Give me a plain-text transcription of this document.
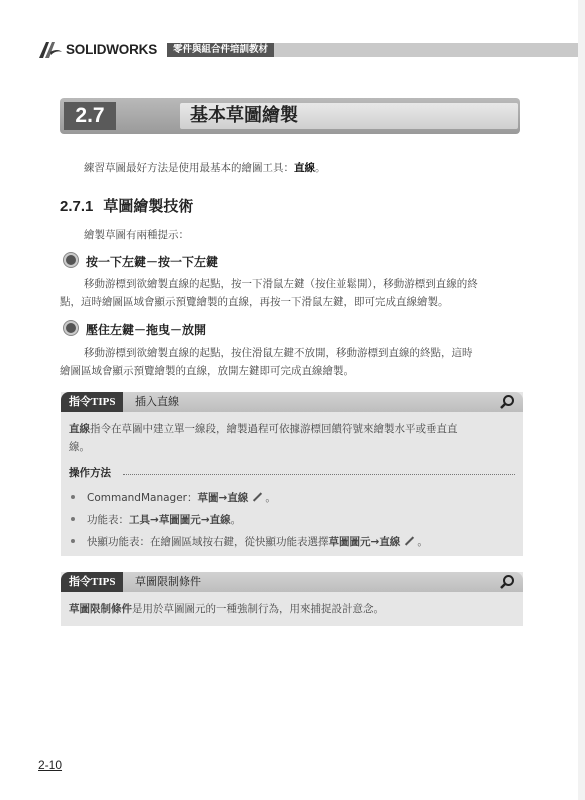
SOLIDWORKS	零件與組合件培訓教材
2.7	基本草圖繪製
練習草圖最好方法是使用最基本的繪圖工具：直線。
2.7.1 草圖繪製技術
繪製草圖有兩種提示：
按一下左鍵－按一下左鍵
移動游標到欲繪製直線的起點，按一下滑鼠左鍵（按住並鬆開），移動游標到直線的終
點，這時繪圖區域會顯示預覽繪製的直線，再按一下滑鼠左鍵，即可完成直線繪製。
壓住左鍵－拖曳－放開
移動游標到欲繪製直線的起點，按住滑鼠左鍵不放開，移動游標到直線的終點，這時
繪圖區域會顯示預覽繪製的直線，放開左鍵即可完成直線繪製。
指令TIPS	插入直線
直線指令在草圖中建立單一線段，繪製過程可依據游標回饋符號來繪製水平或垂直直
線。
操作方法
CommandManager：草圖→直線 。
功能表：工具→草圖圖元→直線。
快顯功能表：在繪圖區域按右鍵，從快顯功能表選擇草圖圖元→直線 。
指令TIPS	草圖限制條件
草圖限制條件是用於草圖圖元的一種強制行為，用來捕捉設計意念。
2-10
